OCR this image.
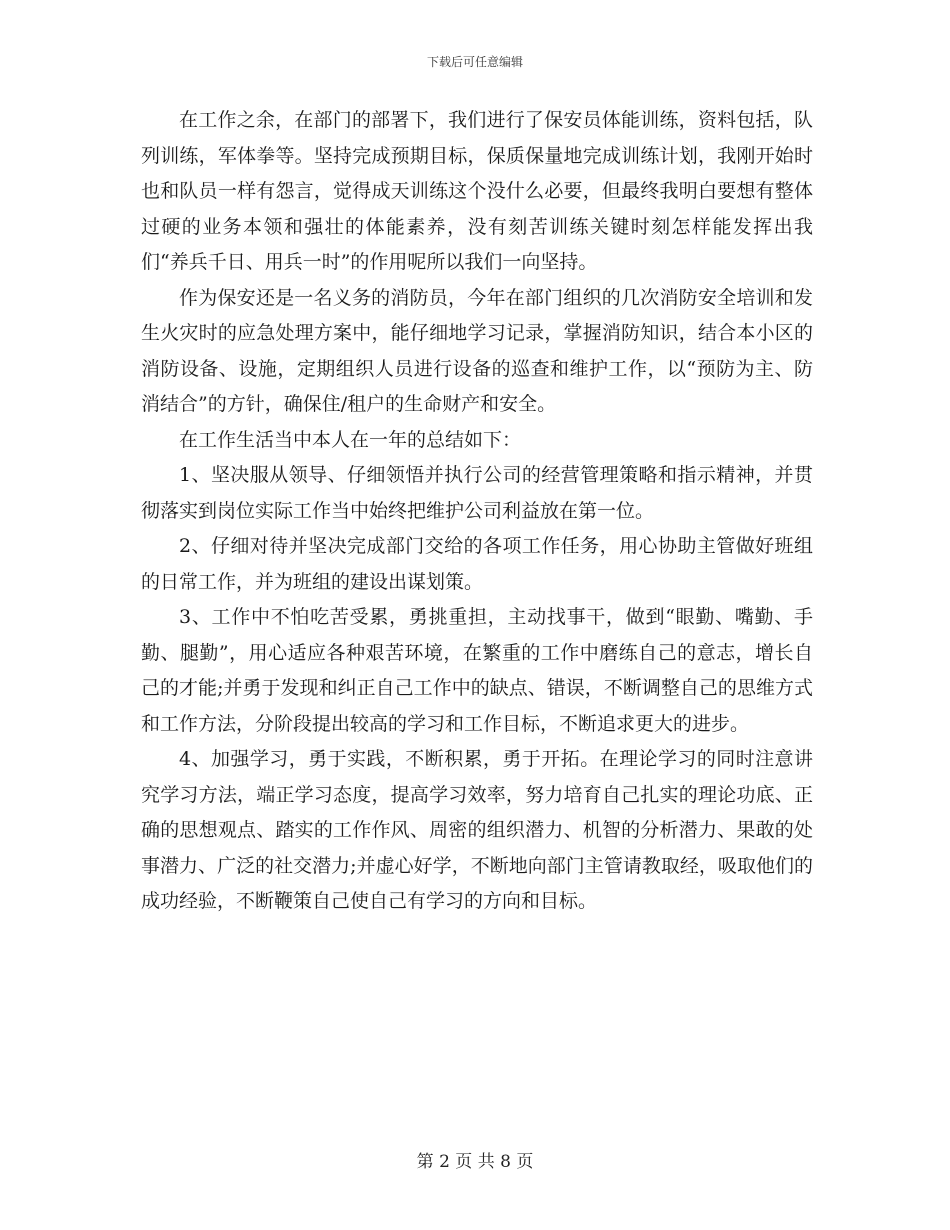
下载后可任意编辑

在工作之余，在部门的部署下，我们进行了保安员体能训练，资料包括，队列训练，军体拳等。坚持完成预期目标，保质保量地完成训练计划，我刚开始时也和队员一样有怨言，觉得成天训练这个没什么必要，但最终我明白要想有整体过硬的业务本领和强壮的体能素养，没有刻苦训练关键时刻怎样能发挥出我们“养兵千日、用兵一时”的作用呢所以我们一向坚持。

作为保安还是一名义务的消防员，今年在部门组织的几次消防安全培训和发生火灾时的应急处理方案中，能仔细地学习记录，掌握消防知识，结合本小区的消防设备、设施，定期组织人员进行设备的巡查和维护工作，以“预防为主、防消结合”的方针，确保住/租户的生命财产和安全。

在工作生活当中本人在一年的总结如下：

1、坚决服从领导、仔细领悟并执行公司的经营管理策略和指示精神，并贯彻落实到岗位实际工作当中始终把维护公司利益放在第一位。

2、仔细对待并坚决完成部门交给的各项工作任务，用心协助主管做好班组的日常工作，并为班组的建设出谋划策。

3、工作中不怕吃苦受累，勇挑重担，主动找事干，做到“眼勤、嘴勤、手勤、腿勤”，用心适应各种艰苦环境，在繁重的工作中磨练自己的意志，增长自己的才能;并勇于发现和纠正自己工作中的缺点、错误，不断调整自己的思维方式和工作方法，分阶段提出较高的学习和工作目标，不断追求更大的进步。

4、加强学习，勇于实践，不断积累，勇于开拓。在理论学习的同时注意讲究学习方法，端正学习态度，提高学习效率，努力培育自己扎实的理论功底、正确的思想观点、踏实的工作作风、周密的组织潜力、机智的分析潜力、果敢的处事潜力、广泛的社交潜力;并虚心好学，不断地向部门主管请教取经，吸取他们的成功经验，不断鞭策自己使自己有学习的方向和目标。

第 2 页 共 8 页
